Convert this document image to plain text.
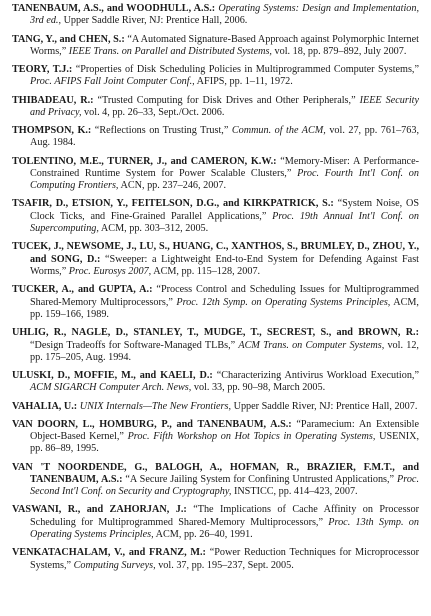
TANENBAUM, A.S., and WOODHULL, A.S.: Operating Systems: Design and Implementation, 3rd ed., Upper Saddle River, NJ: Prentice Hall, 2006.
TANG, Y., and CHEN, S.: “A Automated Signature-Based Approach against Polymorphic Internet Worms,” IEEE Trans. on Parallel and Distributed Systems, vol. 18, pp. 879–892, July 2007.
TEORY, T.J.: “Properties of Disk Scheduling Policies in Multiprogrammed Computer Systems,” Proc. AFIPS Fall Joint Computer Conf., AFIPS, pp. 1–11, 1972.
THIBADEAU, R.: “Trusted Computing for Disk Drives and Other Peripherals,” IEEE Security and Privacy, vol. 4, pp. 26–33, Sept./Oct. 2006.
THOMPSON, K.: “Reflections on Trusting Trust,” Commun. of the ACM, vol. 27, pp. 761–763, Aug. 1984.
TOLENTINO, M.E., TURNER, J., and CAMERON, K.W.: “Memory-Miser: A Performance-Constrained Runtime System for Power Scalable Clusters,” Proc. Fourth Int'l Conf. on Computing Frontiers, ACN, pp. 237–246, 2007.
TSAFIR, D., ETSION, Y., FEITELSON, D.G., and KIRKPATRICK, S.: “System Noise, OS Clock Ticks, and Fine-Grained Parallel Applications,” Proc. 19th Annual Int'l Conf. on Supercomputing, ACM, pp. 303–312, 2005.
TUCEK, J., NEWSOME, J., LU, S., HUANG, C., XANTHOS, S., BRUMLEY, D., ZHOU, Y., and SONG, D.: “Sweeper: a Lightweight End-to-End System for Defending Against Fast Worms,” Proc. Eurosys 2007, ACM, pp. 115–128, 2007.
TUCKER, A., and GUPTA, A.: “Process Control and Scheduling Issues for Multiprogrammed Shared-Memory Multiprocessors,” Proc. 12th Symp. on Operating Systems Principles, ACM, pp. 159–166, 1989.
UHLIG, R., NAGLE, D., STANLEY, T., MUDGE, T., SECREST, S., and BROWN, R.: “Design Tradeoffs for Software-Managed TLBs,” ACM Trans. on Computer Systems, vol. 12, pp. 175–205, Aug. 1994.
ULUSKI, D., MOFFIE, M., and KAELI, D.: “Characterizing Antivirus Workload Execution,” ACM SIGARCH Computer Arch. News, vol. 33, pp. 90–98, March 2005.
VAHALIA, U.: UNIX Internals—The New Frontiers, Upper Saddle River, NJ: Prentice Hall, 2007.
VAN DOORN, L., HOMBURG, P., and TANENBAUM, A.S.: “Paramecium: An Extensible Object-Based Kernel,” Proc. Fifth Workshop on Hot Topics in Operating Systems, USENIX, pp. 86–89, 1995.
VAN 'T NOORDENDE, G., BALOGH, A., HOFMAN, R., BRAZIER, F.M.T., and TANENBAUM, A.S.: “A Secure Jailing System for Confining Untrusted Applications,” Proc. Second Int'l Conf. on Security and Cryptography, INSTICC, pp. 414–423, 2007.
VASWANI, R., and ZAHORJAN, J.: “The Implications of Cache Affinity on Processor Scheduling for Multiprogrammed Shared-Memory Multiprocessors,” Proc. 13th Symp. on Operating Systems Principles, ACM, pp. 26–40, 1991.
VENKATACHALAM, V., and FRANZ, M.: “Power Reduction Techniques for Microprocessor Systems,” Computing Surveys, vol. 37, pp. 195–237, Sept. 2005.
